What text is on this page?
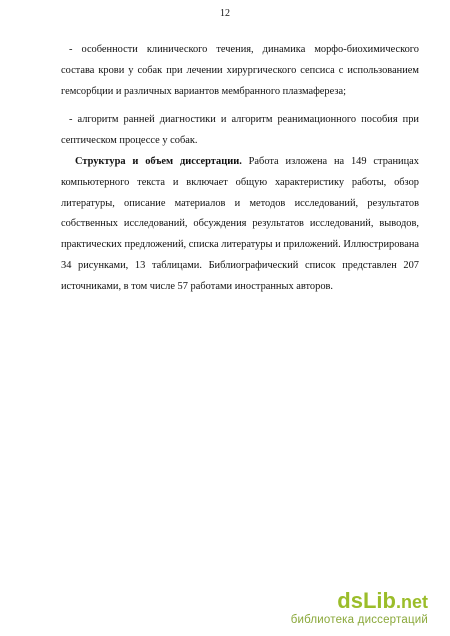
12

- особенности клинического течения, динамика морфо-биохимического состава крови у собак при лечении хирургического сепсиса с использованием гемсорбции и различных вариантов мембранного плазмафереза;

- алгоритм ранней диагностики и алгоритм реанимационного пособия при септическом процессе у собак.

Структура и объем диссертации. Работа изложена на 149 страницах компьютерного текста и включает общую характеристику работы, обзор литературы, описание материалов и методов исследований, результатов собственных исследований, обсуждения результатов исследований, выводов, практических предложений, списка литературы и приложений. Иллюстрирована 34 рисунками, 13 таблицами. Библиографический список представлен 207 источниками, в том числе 57 работами иностранных авторов.

dsLib.net
библиотека диссертаций
